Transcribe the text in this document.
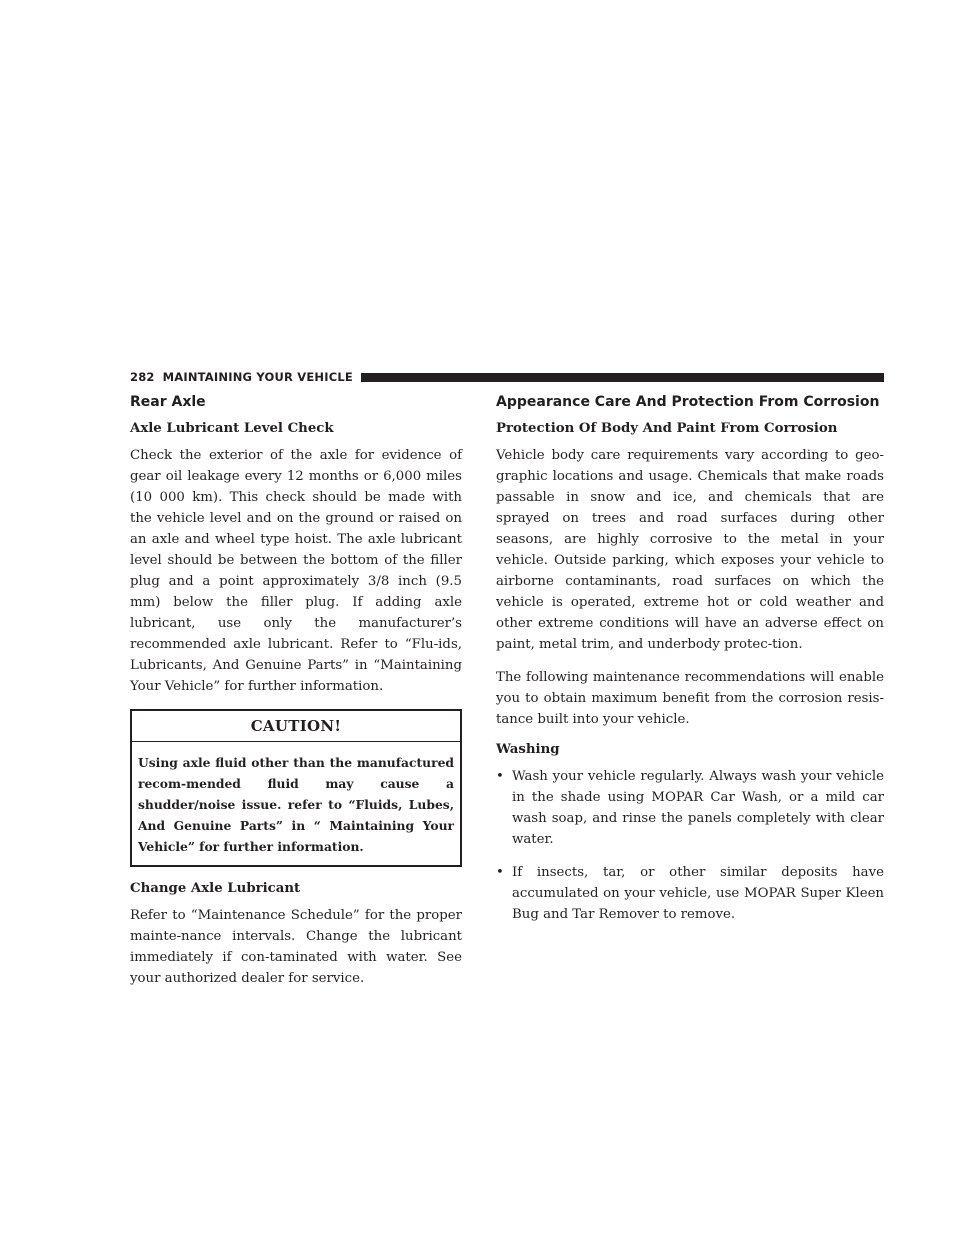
282 MAINTAINING YOUR VEHICLE
Rear Axle
Axle Lubricant Level Check

Check the exterior of the axle for evidence of gear oil leakage every 12 months or 6,000 miles (10 000 km). This check should be made with the vehicle level and on the ground or raised on an axle and wheel type hoist. The axle lubricant level should be between the bottom of the filler plug and a point approximately 3/8 inch (9.5 mm) below the filler plug. If adding axle lubricant, use only the manufacturer’s recommended axle lubricant. Refer to “Flu-ids, Lubricants, And Genuine Parts” in “Maintaining Your Vehicle” for further information.

CAUTION!
Using axle fluid other than the manufactured recom-mended fluid may cause a shudder/noise issue. refer to “Fluids, Lubes, And Genuine Parts” in “ Maintaining Your Vehicle” for further information.
Change Axle Lubricant

Refer to “Maintenance Schedule” for the proper mainte-nance intervals. Change the lubricant immediately if con-taminated with water. See your authorized dealer for service.

Appearance Care And Protection From Corrosion
Protection Of Body And Paint From Corrosion

Vehicle body care requirements vary according to geo-graphic locations and usage. Chemicals that make roads passable in snow and ice, and chemicals that are sprayed on trees and road surfaces during other seasons, are highly corrosive to the metal in your vehicle. Outside parking, which exposes your vehicle to airborne contaminants, road surfaces on which the vehicle is operated, extreme hot or cold weather and other extreme conditions will have an adverse effect on paint, metal trim, and underbody protec-tion.

The following maintenance recommendations will enable you to obtain maximum benefit from the corrosion resis-tance built into your vehicle.

Washing
• Wash your vehicle regularly. Always wash your vehicle in the shade using MOPAR Car Wash, or a mild car wash soap, and rinse the panels completely with clear water.
• If insects, tar, or other similar deposits have accumulated on your vehicle, use MOPAR Super Kleen Bug and Tar Remover to remove.
